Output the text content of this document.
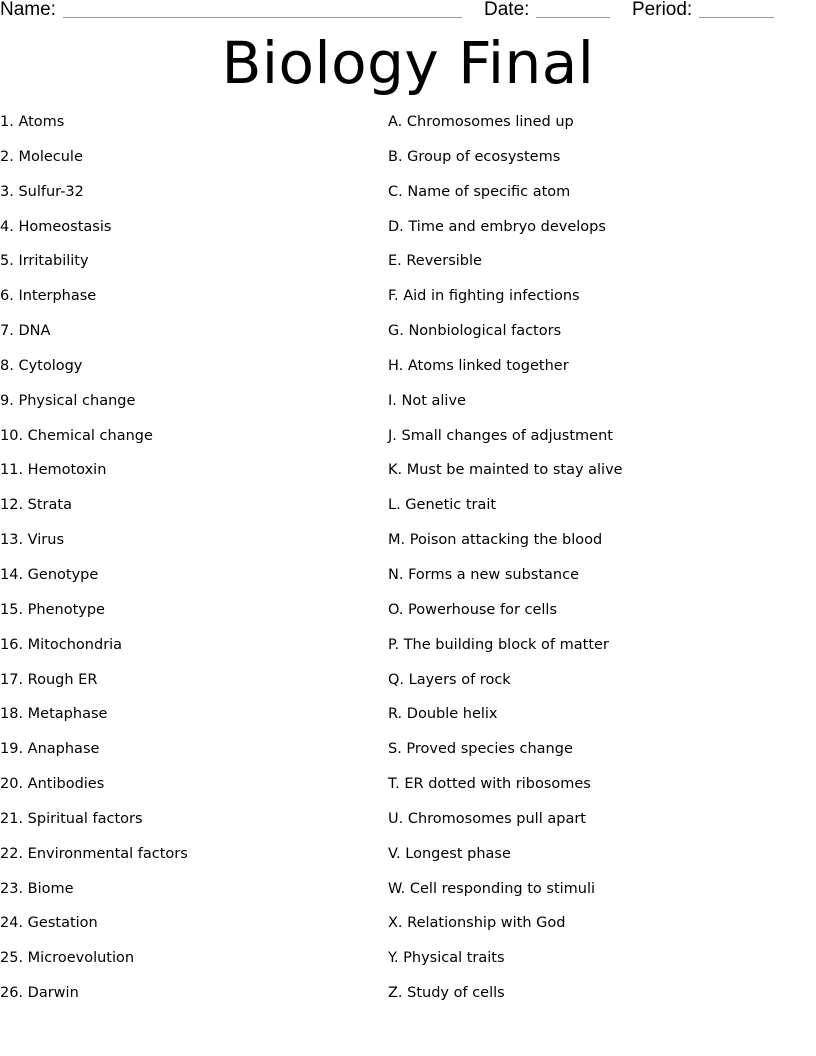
Name:	Date:	Period:
Biology Final
1. Atoms
2. Molecule
3. Sulfur-32
4. Homeostasis
5. Irritability
6. Interphase
7. DNA
8. Cytology
9. Physical change
10. Chemical change
11. Hemotoxin
12. Strata
13. Virus
14. Genotype
15. Phenotype
16. Mitochondria
17. Rough ER
18. Metaphase
19. Anaphase
20. Antibodies
21. Spiritual factors
22. Environmental factors
23. Biome
24. Gestation
25. Microevolution
26. Darwin
A. Chromosomes lined up
B. Group of ecosystems
C. Name of specific atom
D. Time and embryo develops
E. Reversible
F. Aid in fighting infections
G. Nonbiological factors
H. Atoms linked together
I. Not alive
J. Small changes of adjustment
K. Must be mainted to stay alive
L. Genetic trait
M. Poison attacking the blood
N. Forms a new substance
O. Powerhouse for cells
P. The building block of matter
Q. Layers of rock
R. Double helix
S. Proved species change
T. ER dotted with ribosomes
U. Chromosomes pull apart
V. Longest phase
W. Cell responding to stimuli
X. Relationship with God
Y. Physical traits
Z. Study of cells
